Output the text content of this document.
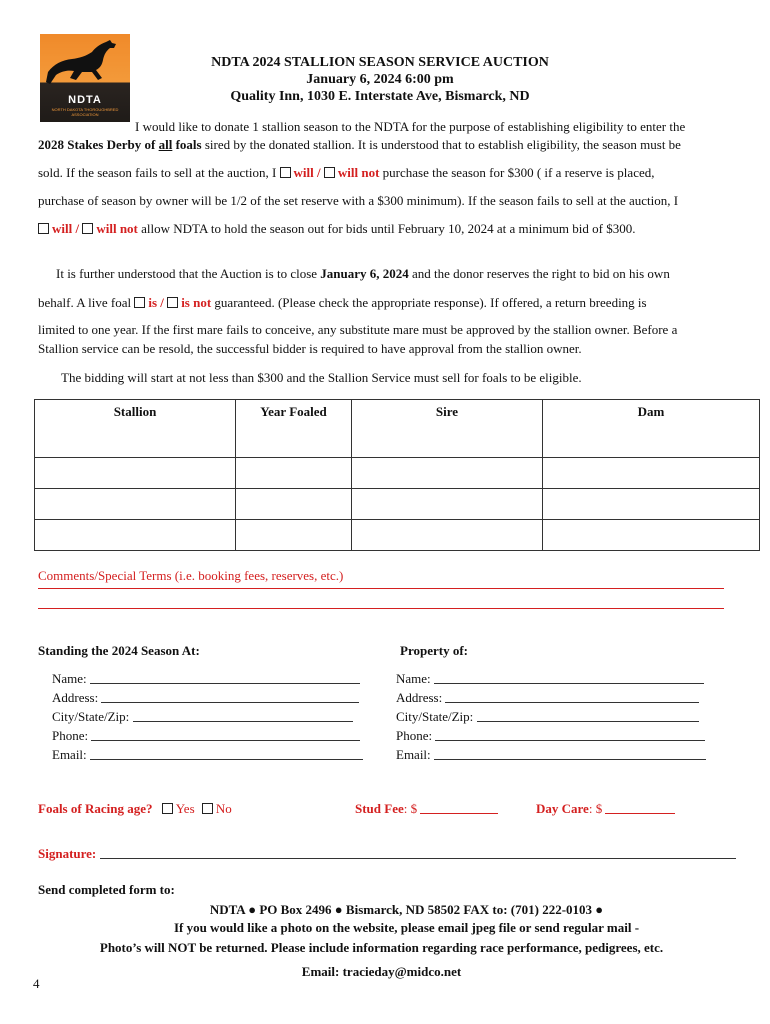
NDTA
NORTH DAKOTA THOROUGHBRED ASSOCIATION
NDTA 2024 STALLION SEASON SERVICE AUCTION
January 6, 2024 6:00 pm
Quality Inn, 1030 E. Interstate Ave, Bismarck, ND
I would like to donate 1 stallion season to the NDTA for the purpose of establishing eligibility to enter the
2028 Stakes Derby of all foals sired by the donated stallion. It is understood that to establish eligibility, the season must be
sold. If the season fails to sell at the auction, I will / will not purchase the season for $300 ( if a reserve is placed,
purchase of season by owner will be 1/2 of the set reserve with a $300 minimum). If the season fails to sell at the auction, I
will / will not allow NDTA to hold the season out for bids until February 10, 2024 at a minimum bid of $300.
It is further understood that the Auction is to close January 6, 2024 and the donor reserves the right to bid on his own
behalf. A live foal is / is not guaranteed. (Please check the appropriate response). If offered, a return breeding is
limited to one year. If the first mare fails to conceive, any substitute mare must be approved by the stallion owner. Before a
Stallion service can be resold, the successful bidder is required to have approval from the stallion owner.
The bidding will start at not less than $300 and the Stallion Service must sell for foals to be eligible.
Stallion	Year Foaled	Sire	Dam

Comments/Special Terms (i.e. booking fees, reserves, etc.)
Standing the 2024 Season At:	Property of:
Name:
Address:
City/State/Zip:
Phone:
Email:
Name:
Address:
City/State/Zip:
Phone:
Email:
Foals of Racing age? Yes No	Stud Fee: $	Day Care: $
Signature:
Send completed form to:
NDTA ● PO Box 2496 ● Bismarck, ND 58502 FAX to: (701) 222-0103 ●
If you would like a photo on the website, please email jpeg file or send regular mail -
Photo’s will NOT be returned. Please include information regarding race performance, pedigrees, etc.
Email: tracieday@midco.net
4
